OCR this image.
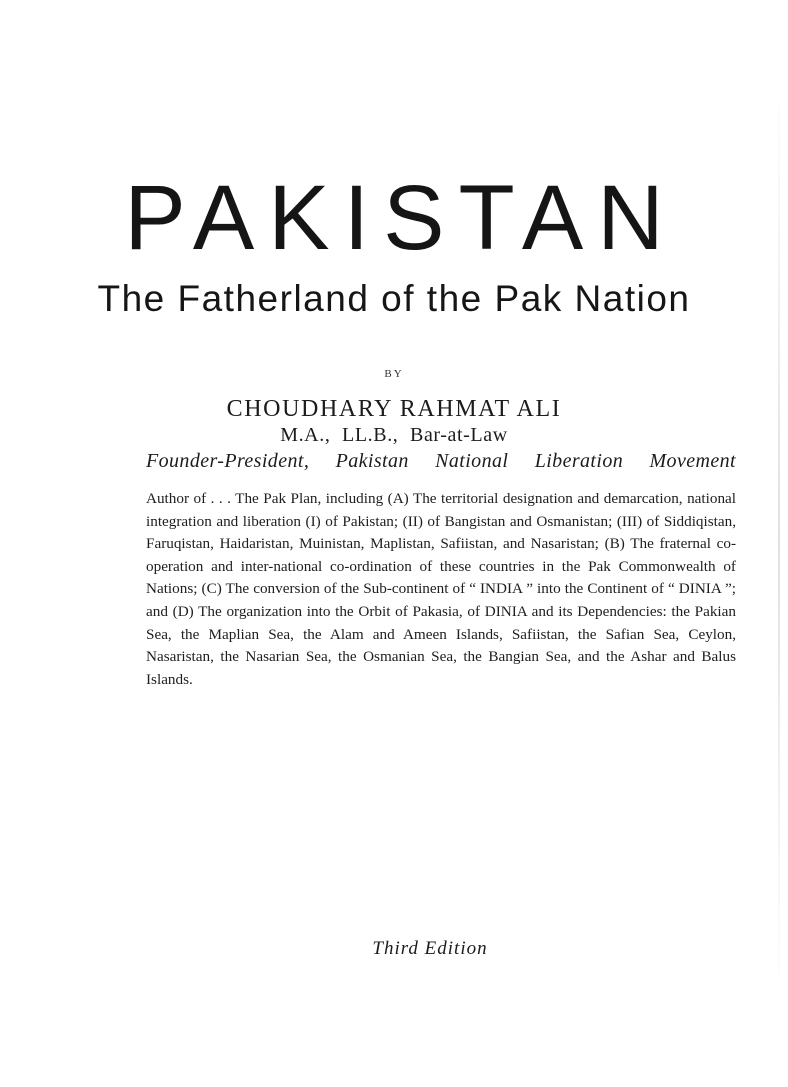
PAKISTAN
The Fatherland of the Pak Nation
BY
CHOUDHARY RAHMAT ALI
M.A., LL.B., Bar-at-Law
Founder-President, Pakistan National Liberation Movement
Author of . . . The Pak Plan, including (A) The territorial designation and demarcation, national integration and liberation (I) of Pakistan; (II) of Bangistan and Osmanistan; (III) of Siddiqistan, Faruqistan, Haidaristan, Muinistan, Maplistan, Safiistan, and Nasaristan; (B) The fraternal co-operation and inter-national co-ordination of these countries in the Pak Commonwealth of Nations; (C) The conversion of the Sub-continent of “ INDIA ” into the Continent of “ DINIA ”; and (D) The organization into the Orbit of Pakasia, of DINIA and its Dependencies: the Pakian Sea, the Maplian Sea, the Alam and Ameen Islands, Safiistan, the Safian Sea, Ceylon, Nasaristan, the Nasarian Sea, the Osmanian Sea, the Bangian Sea, and the Ashar and Balus Islands.
Third Edition
